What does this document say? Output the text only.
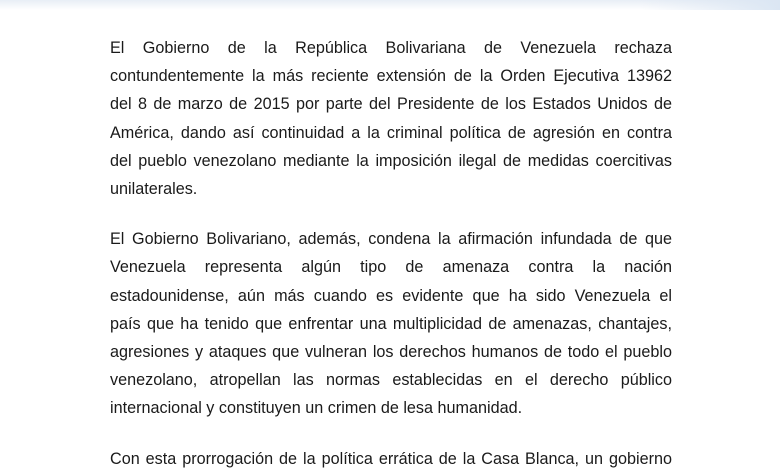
El Gobierno de la República Bolivariana de Venezuela rechaza
contundentemente la más reciente extensión de la Orden Ejecutiva 13962
del 8 de marzo de 2015 por parte del Presidente de los Estados Unidos de
América, dando así continuidad a la criminal política de agresión en contra
del pueblo venezolano mediante la imposición ilegal de medidas coercitivas
unilaterales.

El Gobierno Bolivariano, además, condena la afirmación infundada de que
Venezuela representa algún tipo de amenaza contra la nación
estadounidense, aún más cuando es evidente que ha sido Venezuela el
país que ha tenido que enfrentar una multiplicidad de amenazas, chantajes,
agresiones y ataques que vulneran los derechos humanos de todo el pueblo
venezolano, atropellan las normas establecidas en el derecho público
internacional y constituyen un crimen de lesa humanidad.

Con esta prorrogación de la política errática de la Casa Blanca, un gobierno
